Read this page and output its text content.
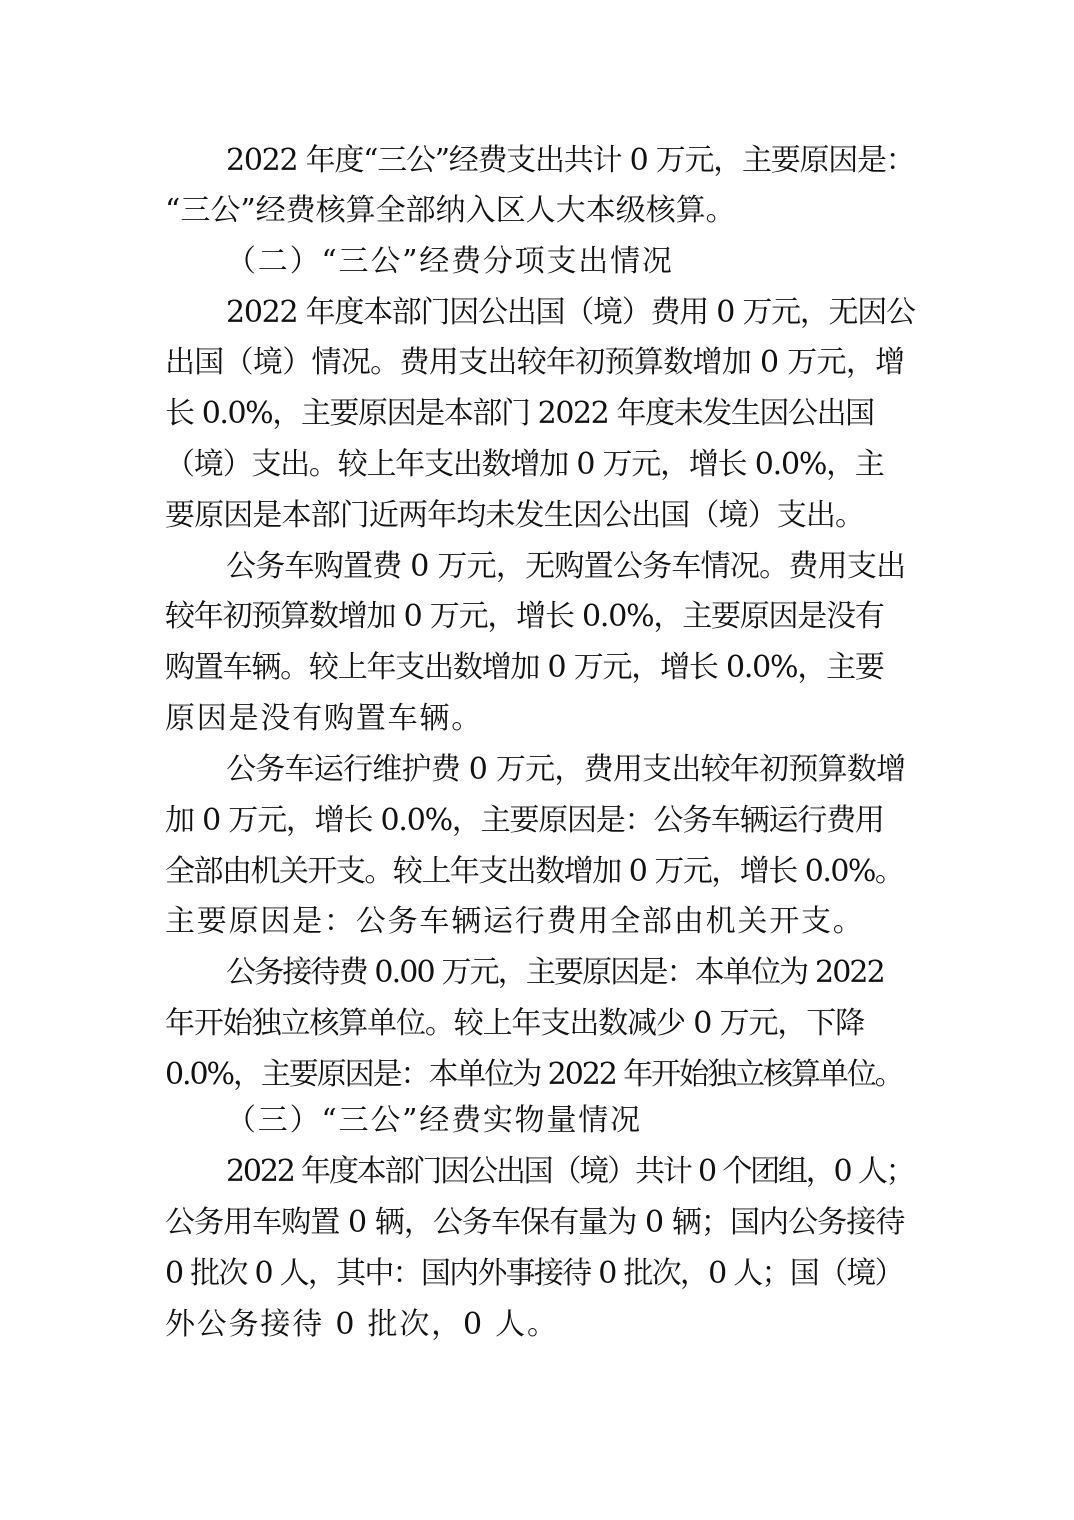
2022 年度“三公”经费支出共计 0 万元，主要原因是：
“三公”经费核算全部纳入区人大本级核算。
（二）“三公”经费分项支出情况
2022 年度本部门因公出国（境）费用 0 万元，无因公
出国（境）情况。费用支出较年初预算数增加 0 万元，增
长 0.0%，主要原因是本部门 2022 年度未发生因公出国
（境）支出。较上年支出数增加 0 万元，增长 0.0%，主
要原因是本部门近两年均未发生因公出国（境）支出。
公务车购置费 0 万元，无购置公务车情况。费用支出
较年初预算数增加 0 万元，增长 0.0%，主要原因是没有
购置车辆。较上年支出数增加 0 万元，增长 0.0%，主要
原因是没有购置车辆。
公务车运行维护费 0 万元，费用支出较年初预算数增
加 0 万元，增长 0.0%，主要原因是：公务车辆运行费用
全部由机关开支。较上年支出数增加 0 万元，增长 0.0%。
主要原因是：公务车辆运行费用全部由机关开支。
公务接待费 0.00 万元，主要原因是：本单位为 2022
年开始独立核算单位。较上年支出数减少 0 万元，下降
0.0%，主要原因是：本单位为 2022 年开始独立核算单位。
（三）“三公”经费实物量情况
2022 年度本部门因公出国（境）共计 0 个团组，0 人；
公务用车购置 0 辆，公务车保有量为 0 辆；国内公务接待
0 批次 0 人，其中：国内外事接待 0 批次，0 人；国（境）
外公务接待 0 批次，0 人。
